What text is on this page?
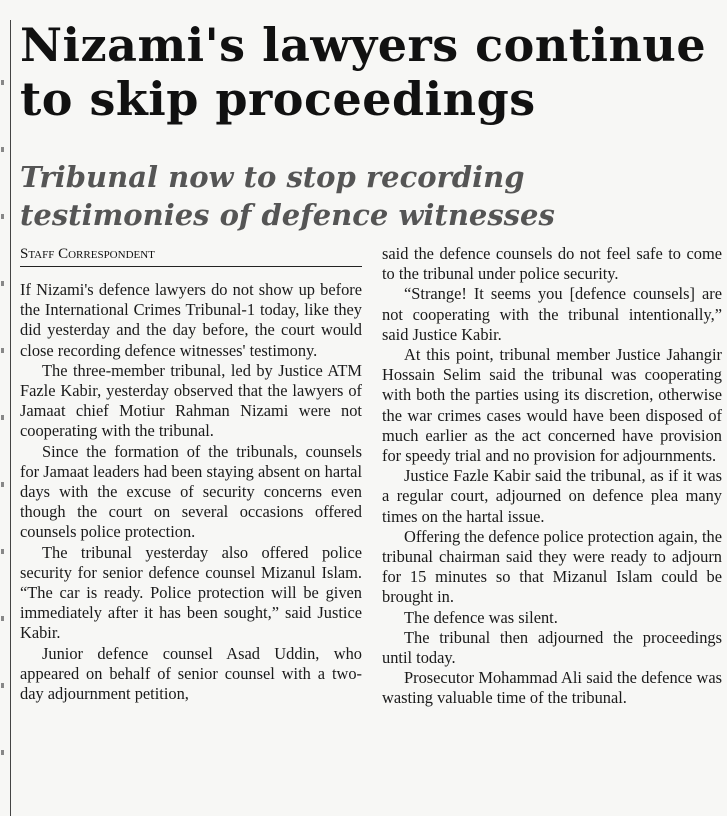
Nizami's lawyers continue to skip proceedings
Tribunal now to stop recording testimonies of defence witnesses
Staff Correspondent

If Nizami's defence lawyers do not show up before the International Crimes Tribunal-1 today, like they did yesterday and the day before, the court would close recording defence witnesses' testimony.

The three-member tribunal, led by Justice ATM Fazle Kabir, yesterday observed that the lawyers of Jamaat chief Motiur Rahman Nizami were not cooperating with the tribunal.

Since the formation of the tribunals, counsels for Jamaat leaders had been staying absent on hartal days with the excuse of security concerns even though the court on several occasions offered counsels police protection.

The tribunal yesterday also offered police security for senior defence counsel Mizanul Islam. “The car is ready. Police protection will be given immediately after it has been sought,” said Justice Kabir.

Junior defence counsel Asad Uddin, who appeared on behalf of senior counsel with a two-day adjournment petition,

said the defence counsels do not feel safe to come to the tribunal under police security.

“Strange! It seems you [defence counsels] are not cooperating with the tribunal intentionally,” said Justice Kabir.

At this point, tribunal member Justice Jahangir Hossain Selim said the tribunal was cooperating with both the parties using its discretion, otherwise the war crimes cases would have been disposed of much earlier as the act concerned have provision for speedy trial and no provision for adjournments.

Justice Fazle Kabir said the tribunal, as if it was a regular court, adjourned on defence plea many times on the hartal issue.

Offering the defence police protection again, the tribunal chairman said they were ready to adjourn for 15 minutes so that Mizanul Islam could be brought in.

The defence was silent.

The tribunal then adjourned the proceedings until today.

Prosecutor Mohammad Ali said the defence was wasting valuable time of the tribunal.
